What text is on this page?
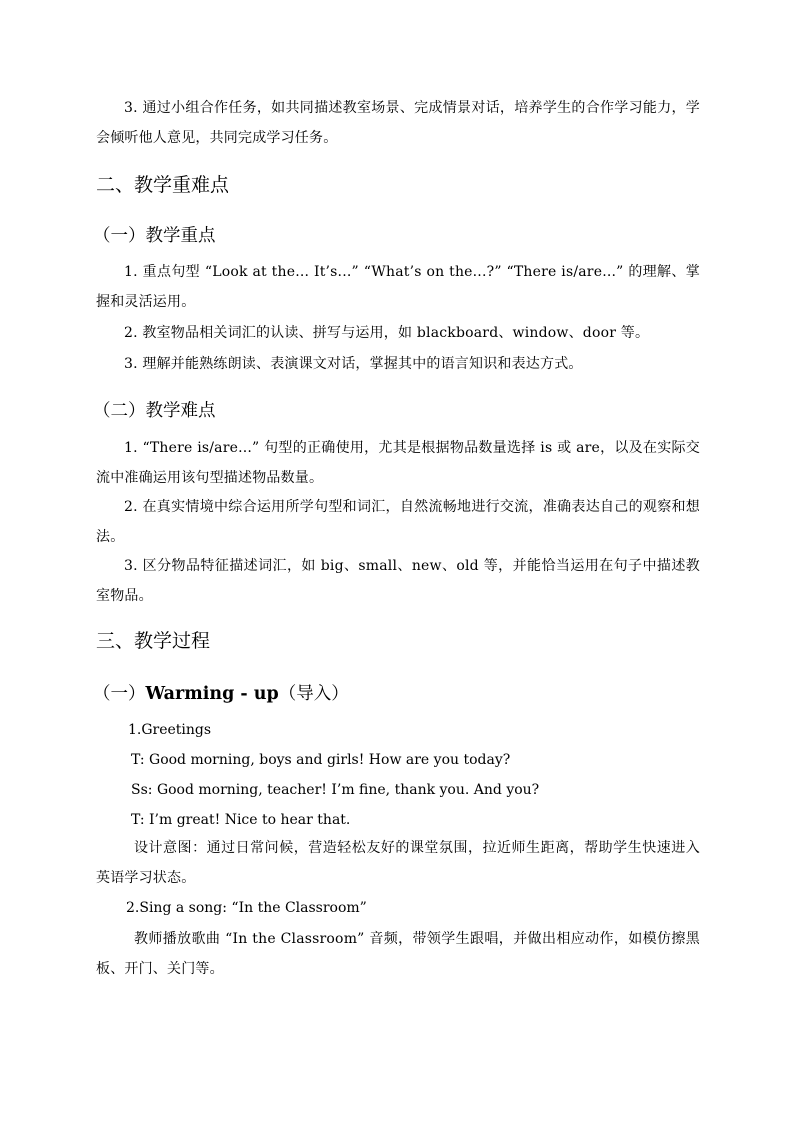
3. 通过小组合作任务，如共同描述教室场景、完成情景对话，培养学生的合作学习能力，学会倾听他人意见，共同完成学习任务。

二、教学重难点
（一）教学重点

1. 重点句型 “Look at the... It’s...” “What’s on the...?” “There is/are...” 的理解、掌握和灵活运用。

2. 教室物品相关词汇的认读、拼写与运用，如 blackboard、window、door 等。

3. 理解并能熟练朗读、表演课文对话，掌握其中的语言知识和表达方式。

（二）教学难点

1. “There is/are...” 句型的正确使用，尤其是根据物品数量选择 is 或 are，以及在实际交流中准确运用该句型描述物品数量。

2. 在真实情境中综合运用所学句型和词汇，自然流畅地进行交流，准确表达自己的观察和想法。

3. 区分物品特征描述词汇，如 big、small、new、old 等，并能恰当运用在句子中描述教室物品。

三、教学过程
（一）Warming - up（导入）
1.Greetings
T: Good morning, boys and girls! How are you today?
Ss: Good morning, teacher! I’m fine, thank you. And you?
T: I’m great! Nice to hear that.

设计意图：通过日常问候，营造轻松友好的课堂氛围，拉近师生距离，帮助学生快速进入英语学习状态。

2.Sing a song: “In the Classroom”

教师播放歌曲 “In the Classroom” 音频，带领学生跟唱，并做出相应动作，如模仿擦黑板、开门、关门等。
